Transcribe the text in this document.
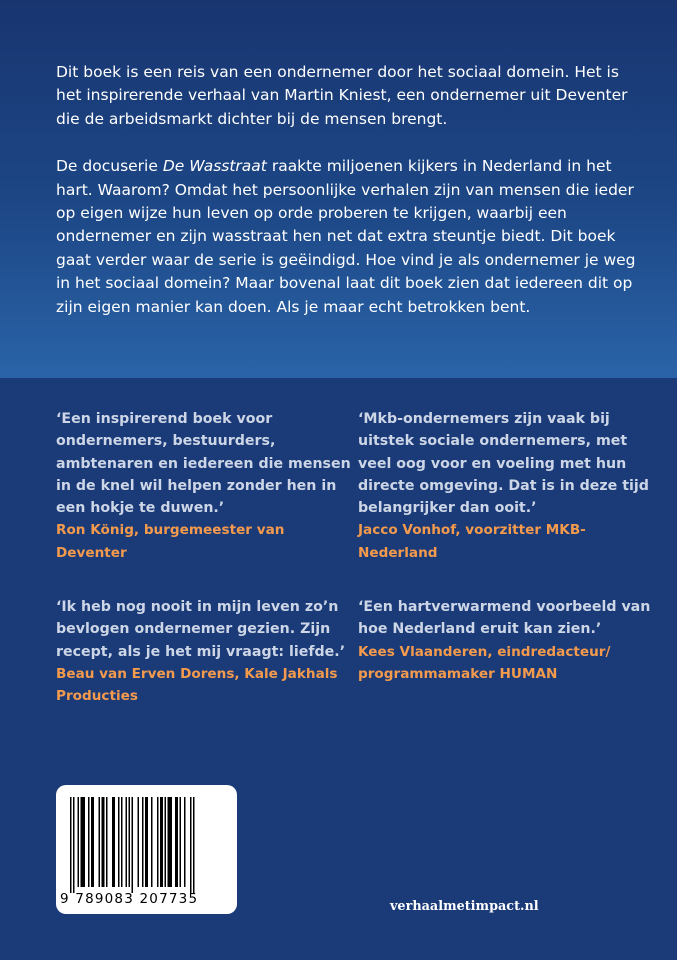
Dit boek is een reis van een ondernemer door het sociaal domein. Het is het inspirerende verhaal van Martin Kniest, een ondernemer uit Deventer die de arbeidsmarkt dichter bij de mensen brengt.

De docuserie De Wasstraat raakte miljoenen kijkers in Nederland in het hart. Waarom? Omdat het persoonlijke verhalen zijn van mensen die ieder op eigen wijze hun leven op orde proberen te krijgen, waarbij een ondernemer en zijn wasstraat hen net dat extra steuntje biedt. Dit boek gaat verder waar de serie is geëindigd. Hoe vind je als ondernemer je weg in het sociaal domein? Maar bovenal laat dit boek zien dat iedereen dit op zijn eigen manier kan doen. Als je maar echt betrokken bent.

‘Een inspirerend boek voor ondernemers, bestuurders, ambtenaren en iedereen die mensen in de knel wil helpen zonder hen in een hokje te duwen.’

Ron König, burgemeester van Deventer

‘Mkb-ondernemers zijn vaak bij uitstek sociale ondernemers, met veel oog voor en voeling met hun directe omgeving. Dat is in deze tijd belangrijker dan ooit.’

Jacco Vonhof, voorzitter MKB-Nederland

‘Ik heb nog nooit in mijn leven zo’n bevlogen ondernemer gezien. Zijn recept, als je het mij vraagt: liefde.’

Beau van Erven Dorens, Kale Jakhals Producties

‘Een hartverwarmend voorbeeld van hoe Nederland eruit kan zien.’

Kees Vlaanderen, eindredacteur/ programmamaker HUMAN

9 789083 207735	verhaalmetimpact.nl
